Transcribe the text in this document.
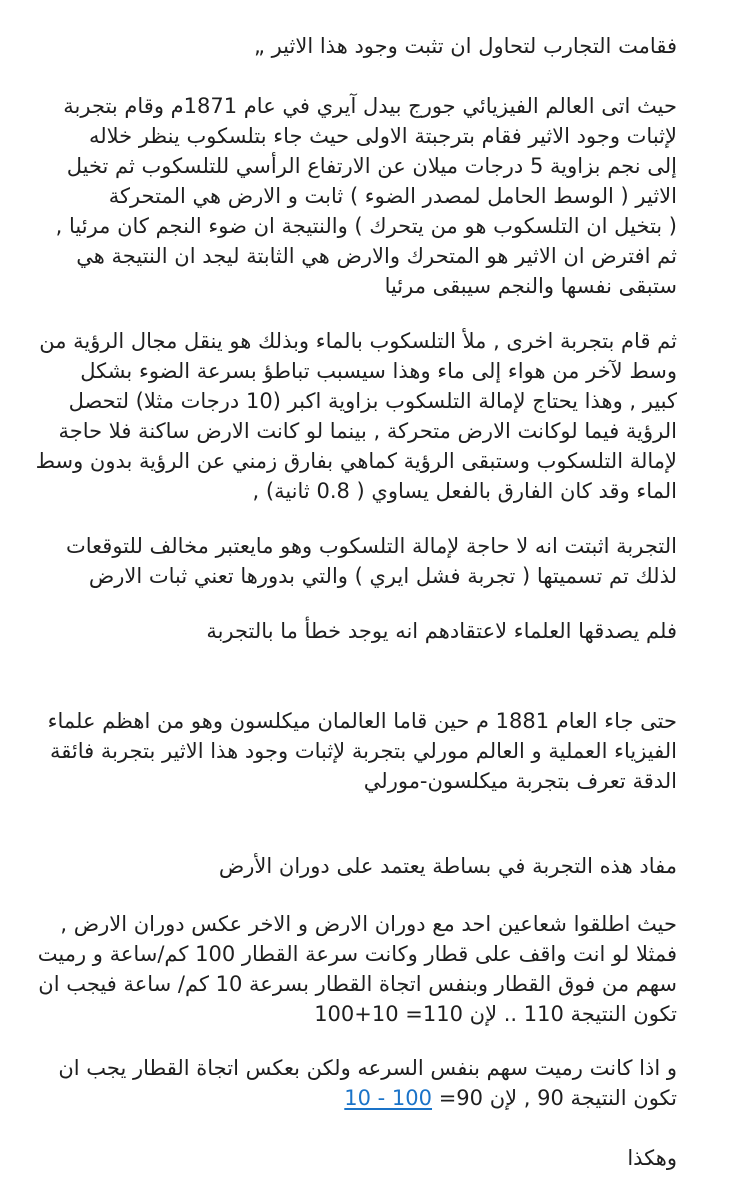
فقامت التجارب لتحاول ان تثبت وجود هذا الاثير „
حيث اتى العالم الفيزيائي جورج بيدل آيري في عام 1871م وقام بتجربة
لإثبات وجود الاثير فقام بترجبتة الاولى حيث جاء بتلسكوب ينظر خلاله
إلى نجم بزاوية 5 درجات ميلان عن الارتفاع الرأسي للتلسكوب ثم تخيل
الاثير ( الوسط الحامل لمصدر الضوء ) ثابت و الارض هي المتحركة
( بتخيل ان التلسكوب هو من يتحرك ) والنتيجة ان ضوء النجم كان مرئيا ,
ثم افترض ان الاثير هو المتحرك والارض هي الثابتة ليجد ان النتيجة هي
ستبقى نفسها والنجم سيبقى مرئيا
ثم قام بتجربة اخرى , ملأ التلسكوب بالماء وبذلك هو ينقل مجال الرؤية من
وسط لآخر من هواء إلى ماء وهذا سيسبب تباطؤ بسرعة الضوء بشكل
كبير , وهذا يحتاج لإمالة التلسكوب بزاوية اكبر (10 درجات مثلا) لتحصل
الرؤية فيما لوكانت الارض متحركة , بينما لو كانت الارض ساكنة فلا حاجة
لإمالة التلسكوب وستبقى الرؤية كماهي بفارق زمني عن الرؤية بدون وسط
الماء وقد كان الفارق بالفعل يساوي ( 0.8 ثانية) ,
التجربة اثبتت انه لا حاجة لإمالة التلسكوب وهو مايعتبر مخالف للتوقعات
لذلك تم تسميتها ( تجربة فشل ايري ) والتي بدورها تعني ثبات الارض
فلم يصدقها العلماء لاعتقادهم انه يوجد خطأ ما بالتجربة
حتى جاء العام 1881 م حين قاما العالمان ميكلسون وهو من اهظم علماء
الفيزياء العملية و العالم مورلي بتجربة لإثبات وجود هذا الاثير بتجربة فائقة
الدقة تعرف بتجربة ميكلسون-مورلي
مفاد هذه التجربة في بساطة يعتمد على دوران الأرض
حيث اطلقوا شعاعين احد مع دوران الارض و الاخر عكس دوران الارض ,
فمثلا لو انت واقف على قطار وكانت سرعة القطار 100 كم/ساعة و رميت
سهم من فوق القطار وبنفس اتجاة القطار بسرعة 10 كم/ ساعة فيجب ان
تكون النتيجة 110 .. لإن 110= 10+100
و اذا كانت رميت سهم بنفس السرعه ولكن بعكس اتجاة القطار يجب ان
تكون النتيجة 90 , لإن 90= 10 - 100
وهكذا
